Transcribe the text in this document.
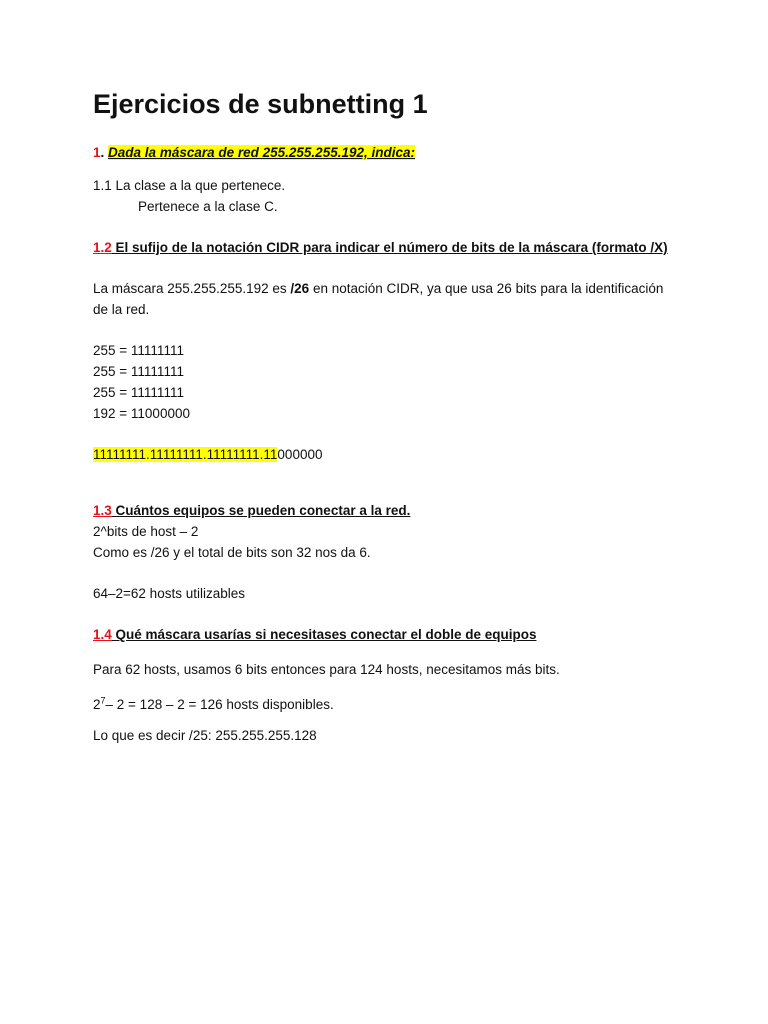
Ejercicios de subnetting 1

1. Dada la máscara de red 255.255.255.192, indica:

1.1 La clase a la que pertenece.

Pertenece a la clase C.

1.2 El sufijo de la notación CIDR para indicar el número de bits de la máscara (formato /X)

La máscara 255.255.255.192 es /26 en notación CIDR, ya que usa 26 bits para la identificación de la red.

255 = 11111111

255 = 11111111

255 = 11111111

192 = 11000000

11111111.11111111.11111111.11000000

1.3 Cuántos equipos se pueden conectar a la red.

2^bits de host – 2

Como es /26 y el total de bits son 32 nos da 6.

64–2=62 hosts utilizables

1.4 Qué máscara usarías si necesitases conectar el doble de equipos

Para 62 hosts, usamos 6 bits entonces para 124 hosts, necesitamos más bits.

$2^7-$ 2 = 128 – 2 = 126 hosts disponibles.

Lo que es decir /25: 255.255.255.128
